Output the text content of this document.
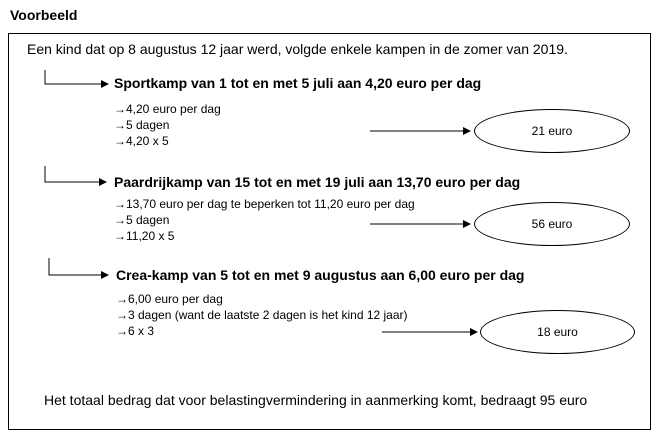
Voorbeeld
Een kind dat op 8 augustus 12 jaar werd, volgde enkele kampen in de zomer van 2019.
Sportkamp van 1 tot en met 5 juli aan 4,20 euro per dag
→4,20 euro per dag
→5 dagen
→4,20 x 5
21 euro
Paardrijkamp van 15 tot en met 19 juli aan 13,70 euro per dag
→13,70 euro per dag te beperken tot 11,20 euro per dag
→5 dagen
→11,20 x 5
56 euro
Crea-kamp van 5 tot en met 9 augustus aan 6,00 euro per dag
→6,00 euro per dag
→3 dagen (want de laatste 2 dagen is het kind 12 jaar)
→6 x 3	18 euro
Het totaal bedrag dat voor belastingvermindering in aanmerking komt, bedraagt 95 euro
